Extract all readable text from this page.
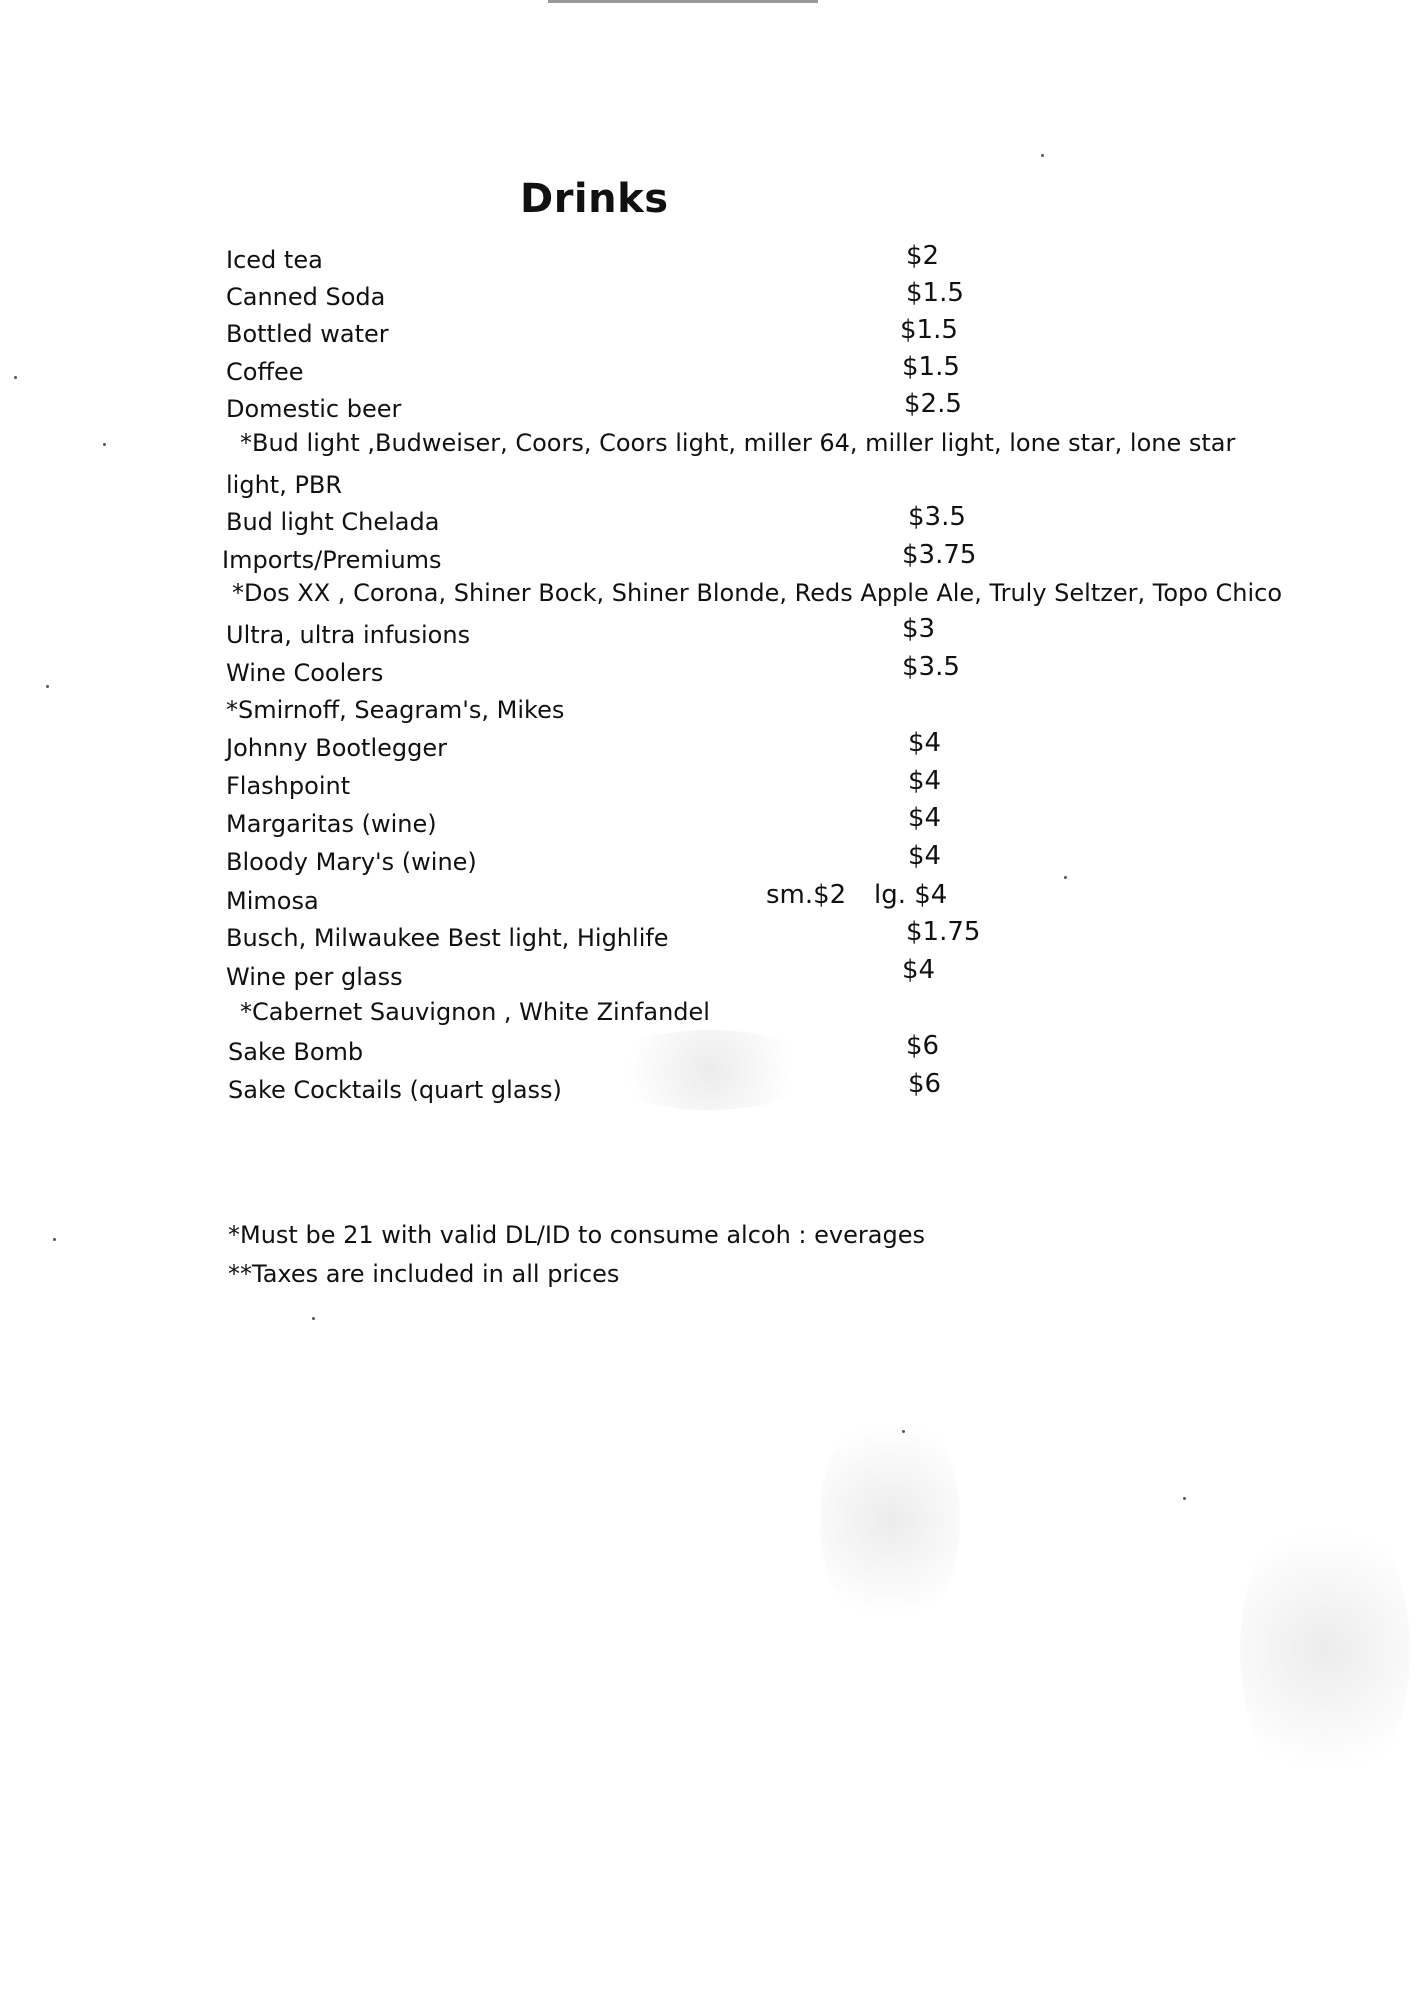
Drinks
Iced tea	$2
Canned Soda	$1.5
Bottled water	$1.5
Coffee	$1.5
Domestic beer	$2.5
*Bud light ,Budweiser, Coors, Coors light, miller 64, miller light, lone star, lone star
light, PBR
Bud light Chelada	$3.5
Imports/Premiums	$3.75
*Dos XX , Corona, Shiner Bock, Shiner Blonde, Reds Apple Ale, Truly Seltzer, Topo Chico
Ultra, ultra infusions	$3
Wine Coolers	$3.5
*Smirnoff, Seagram's, Mikes
Johnny Bootlegger	$4
Flashpoint	$4
Margaritas (wine)	$4
Bloody Mary's (wine)	$4
Mimosa	sm.$2 lg. $4
Busch, Milwaukee Best light, Highlife	$1.75
Wine per glass	$4
*Cabernet Sauvignon , White Zinfandel
Sake Bomb	$6
Sake Cocktails (quart glass)	$6
*Must be 21 with valid DL/ID to consume alcoh : everages
**Taxes are included in all prices
